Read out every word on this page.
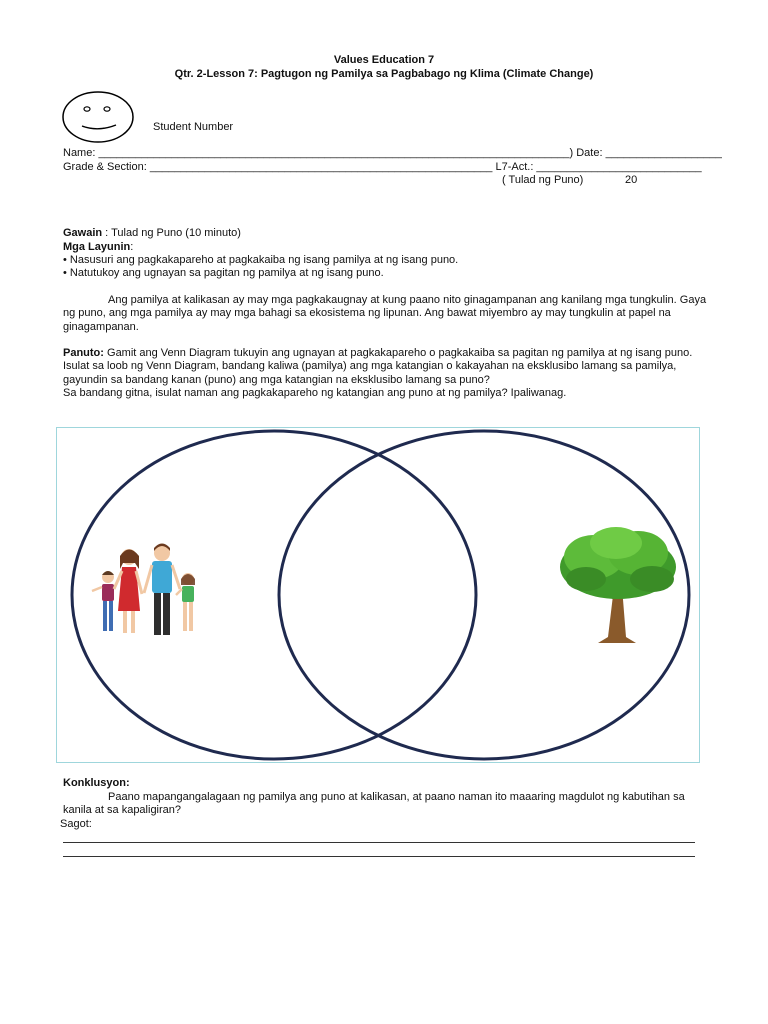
Values Education 7
Qtr. 2-Lesson 7: Pagtugon ng Pamilya sa Pagbabago ng Klima (Climate Change)
Student Number
Name: _____________________________________________________________________________) Date: ___________________
Grade & Section: ________________________________________________________ L7-Act.: ___________________________
( Tulad ng Puno)	20
Gawain : Tulad ng Puno (10 minuto)
Mga Layunin:
• Nasusuri ang pagkakapareho at pagkakaiba ng isang pamilya at ng isang puno.
• Natutukoy ang ugnayan sa pagitan ng pamilya at ng isang puno.
Ang pamilya at kalikasan ay may mga pagkakaugnay at kung paano nito ginagampanan ang kanilang mga tungkulin. Gaya
ng puno, ang mga pamilya ay may mga bahagi sa ekosistema ng lipunan. Ang bawat miyembro ay may tungkulin at papel na
ginagampanan.
Panuto: Gamit ang Venn Diagram tukuyin ang ugnayan at pagkakapareho o pagkakaiba sa pagitan ng pamilya at ng isang puno.
Isulat sa loob ng Venn Diagram, bandang kaliwa (pamilya) ang mga katangian o kakayahan na eksklusibo lamang sa pamilya,
gayundin sa bandang kanan (puno) ang mga katangian na eksklusibo lamang sa puno?
Sa bandang gitna, isulat naman ang pagkakapareho ng katangian ang puno at ng pamilya? Ipaliwanag.
Konklusyon:
Paano mapangangalagaan ng pamilya ang puno at kalikasan, at paano naman ito maaaring magdulot ng kabutihan sa
kanila at sa kapaligiran?
Sagot:
